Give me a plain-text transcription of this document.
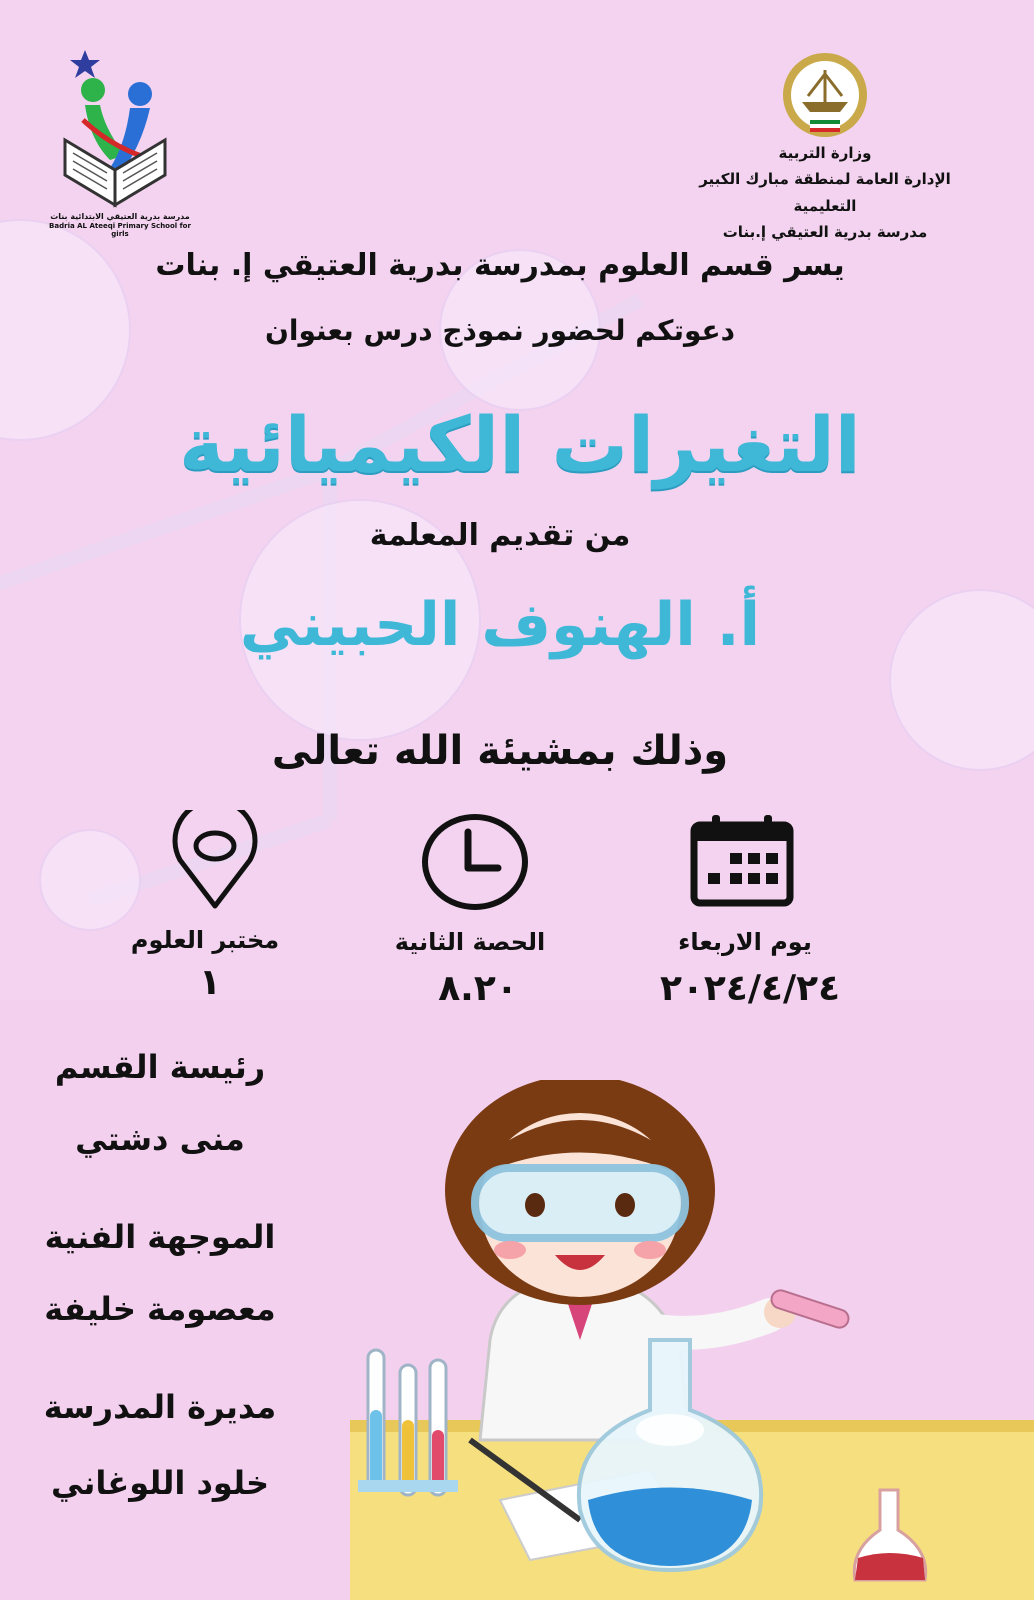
وزارة التربية
الإدارة العامة لمنطقة مبارك الكبير التعليمية
مدرسة بدرية العتيقي إ.بنات
مدرسة بدرية العتيقي الابتدائية بنات
Badria AL Ateeqi Primary School for girls
يسر قسم العلوم بمدرسة بدرية العتيقي إ. بنات
دعوتكم لحضور نموذج درس بعنوان
التغيرات الكيميائية
من تقديم المعلمة
أ. الهنوف الحبيني
وذلك بمشيئة الله تعالى
يوم الاربعاء
٢٠٢٤/٤/٢٤
الحصة الثانية
٨.٢٠
مختبر العلوم
١
رئيسة القسم
منى دشتي
الموجهة الفنية
معصومة خليفة
مديرة المدرسة
خلود اللوغاني
